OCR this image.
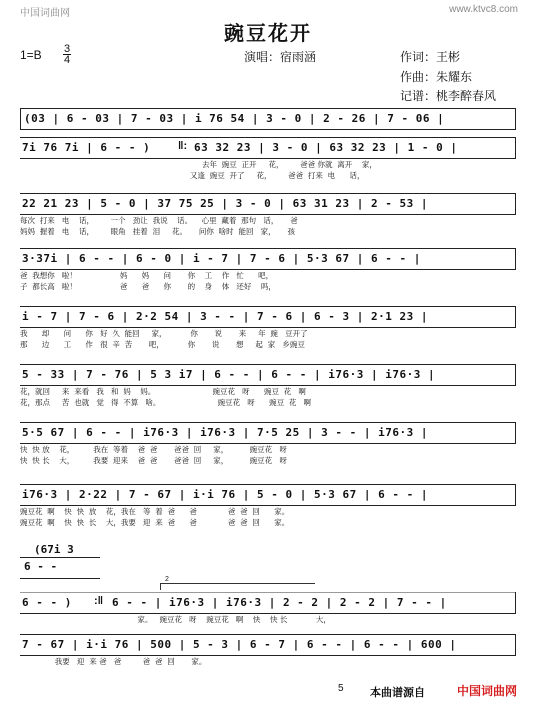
中国词曲网	www.ktvc8.com
豌豆花开
1=B 3
4	演唱：宿雨涵	作词：王彬
作曲：朱耀东
记谱：桃李醉春风
(03 | 6 - 03 | 7 - 03 | i 76 54 | 3 - 0 | 2 - 26 | 7 - 06 |
7i 76 7i | 6 - - )	‖: 63 32 23 | 3 - 0 | 63 32 23 | 1 - 0 |
去年  豌豆  正开     花，       爸爸 你就  离开    家，
又逢  豌豆  开了     花，       爸爸  打来  电      话，
22 21 23 | 5 - 0 | 37 75 25 | 3 - 0 | 63 31 23 | 2 - 53 |
每次  打来   电    话，       一个   劲让  我说    话。    心里  藏着  那句   话，     爸
妈妈  握着   电    话，       眼角   挂着  泪     花。     问你  啥时  能回   家，     孩
3·37i | 6 - - | 6 - 0 | i - 7 | 7 - 6 | 5·3 67 | 6 - - |
爸  我想你   啦！                  妈      妈      问       你    工    作   忙      吧，
子  都长高   啦！                  爸      爸      你       的    身    体   还好    吗，
i - 7 | 7 - 6 | 2·2 54 | 3 - - | 7 - 6 | 6 - 3 | 2·1 23 |
我      却      问      你   好  久  能回     家，          你       说       来     年  豌   豆开了
那      边      工      作   很  辛  苦       吧，          你       说       想     起  家   乡豌豆
5 - 33 | 7 - 76 | 5 3 i7 | 6 - - | 6 - - | i76·3 | i76·3 |
花，就回     来  来看   我   和  妈    妈。                        豌豆花   呀      豌豆  花   啊
花，那点     苦  也就   觉   得  不算   啥。                        豌豆花   呀      豌豆  花   啊
5·5 67 | 6 - - | i76·3 | i76·3 | 7·5 25 | 3 - - | i76·3 |
快  快 放    花，        我在  等着    爸  爸       爸爸  回     家，         豌豆花   呀
快  快 长    大，        我要  迎来    爸  爸       爸爸  回     家，         豌豆花   呀
i76·3 | 2·22 | 7 - 67 | i·i 76 | 5 - 0 | 5·3 67 | 6 - - |
豌豆花  啊    快  快  放    花，我在   等  着  爸      爸             爸  爸  回      家。
豌豆花  啊    快  快  长    大，我要   迎  来  爸      爸             爸  爸  回      家。
(67i 3
6 - -
6 - - ) :‖ 6 - - | i76·3 | i76·3 | 2 - 2 | 2 - 2 | 7 - - |
家。   豌豆花   呀    豌豆花   啊    快    快 长            大，
2
7 - 67 | i·i 76 | 500 | 5 - 3 | 6 - 7 | 6 - - | 6 - - | 600 |
我要   迎  来 爸   爸         爸  爸  回       家。
5 本曲谱源自	中国词曲网
